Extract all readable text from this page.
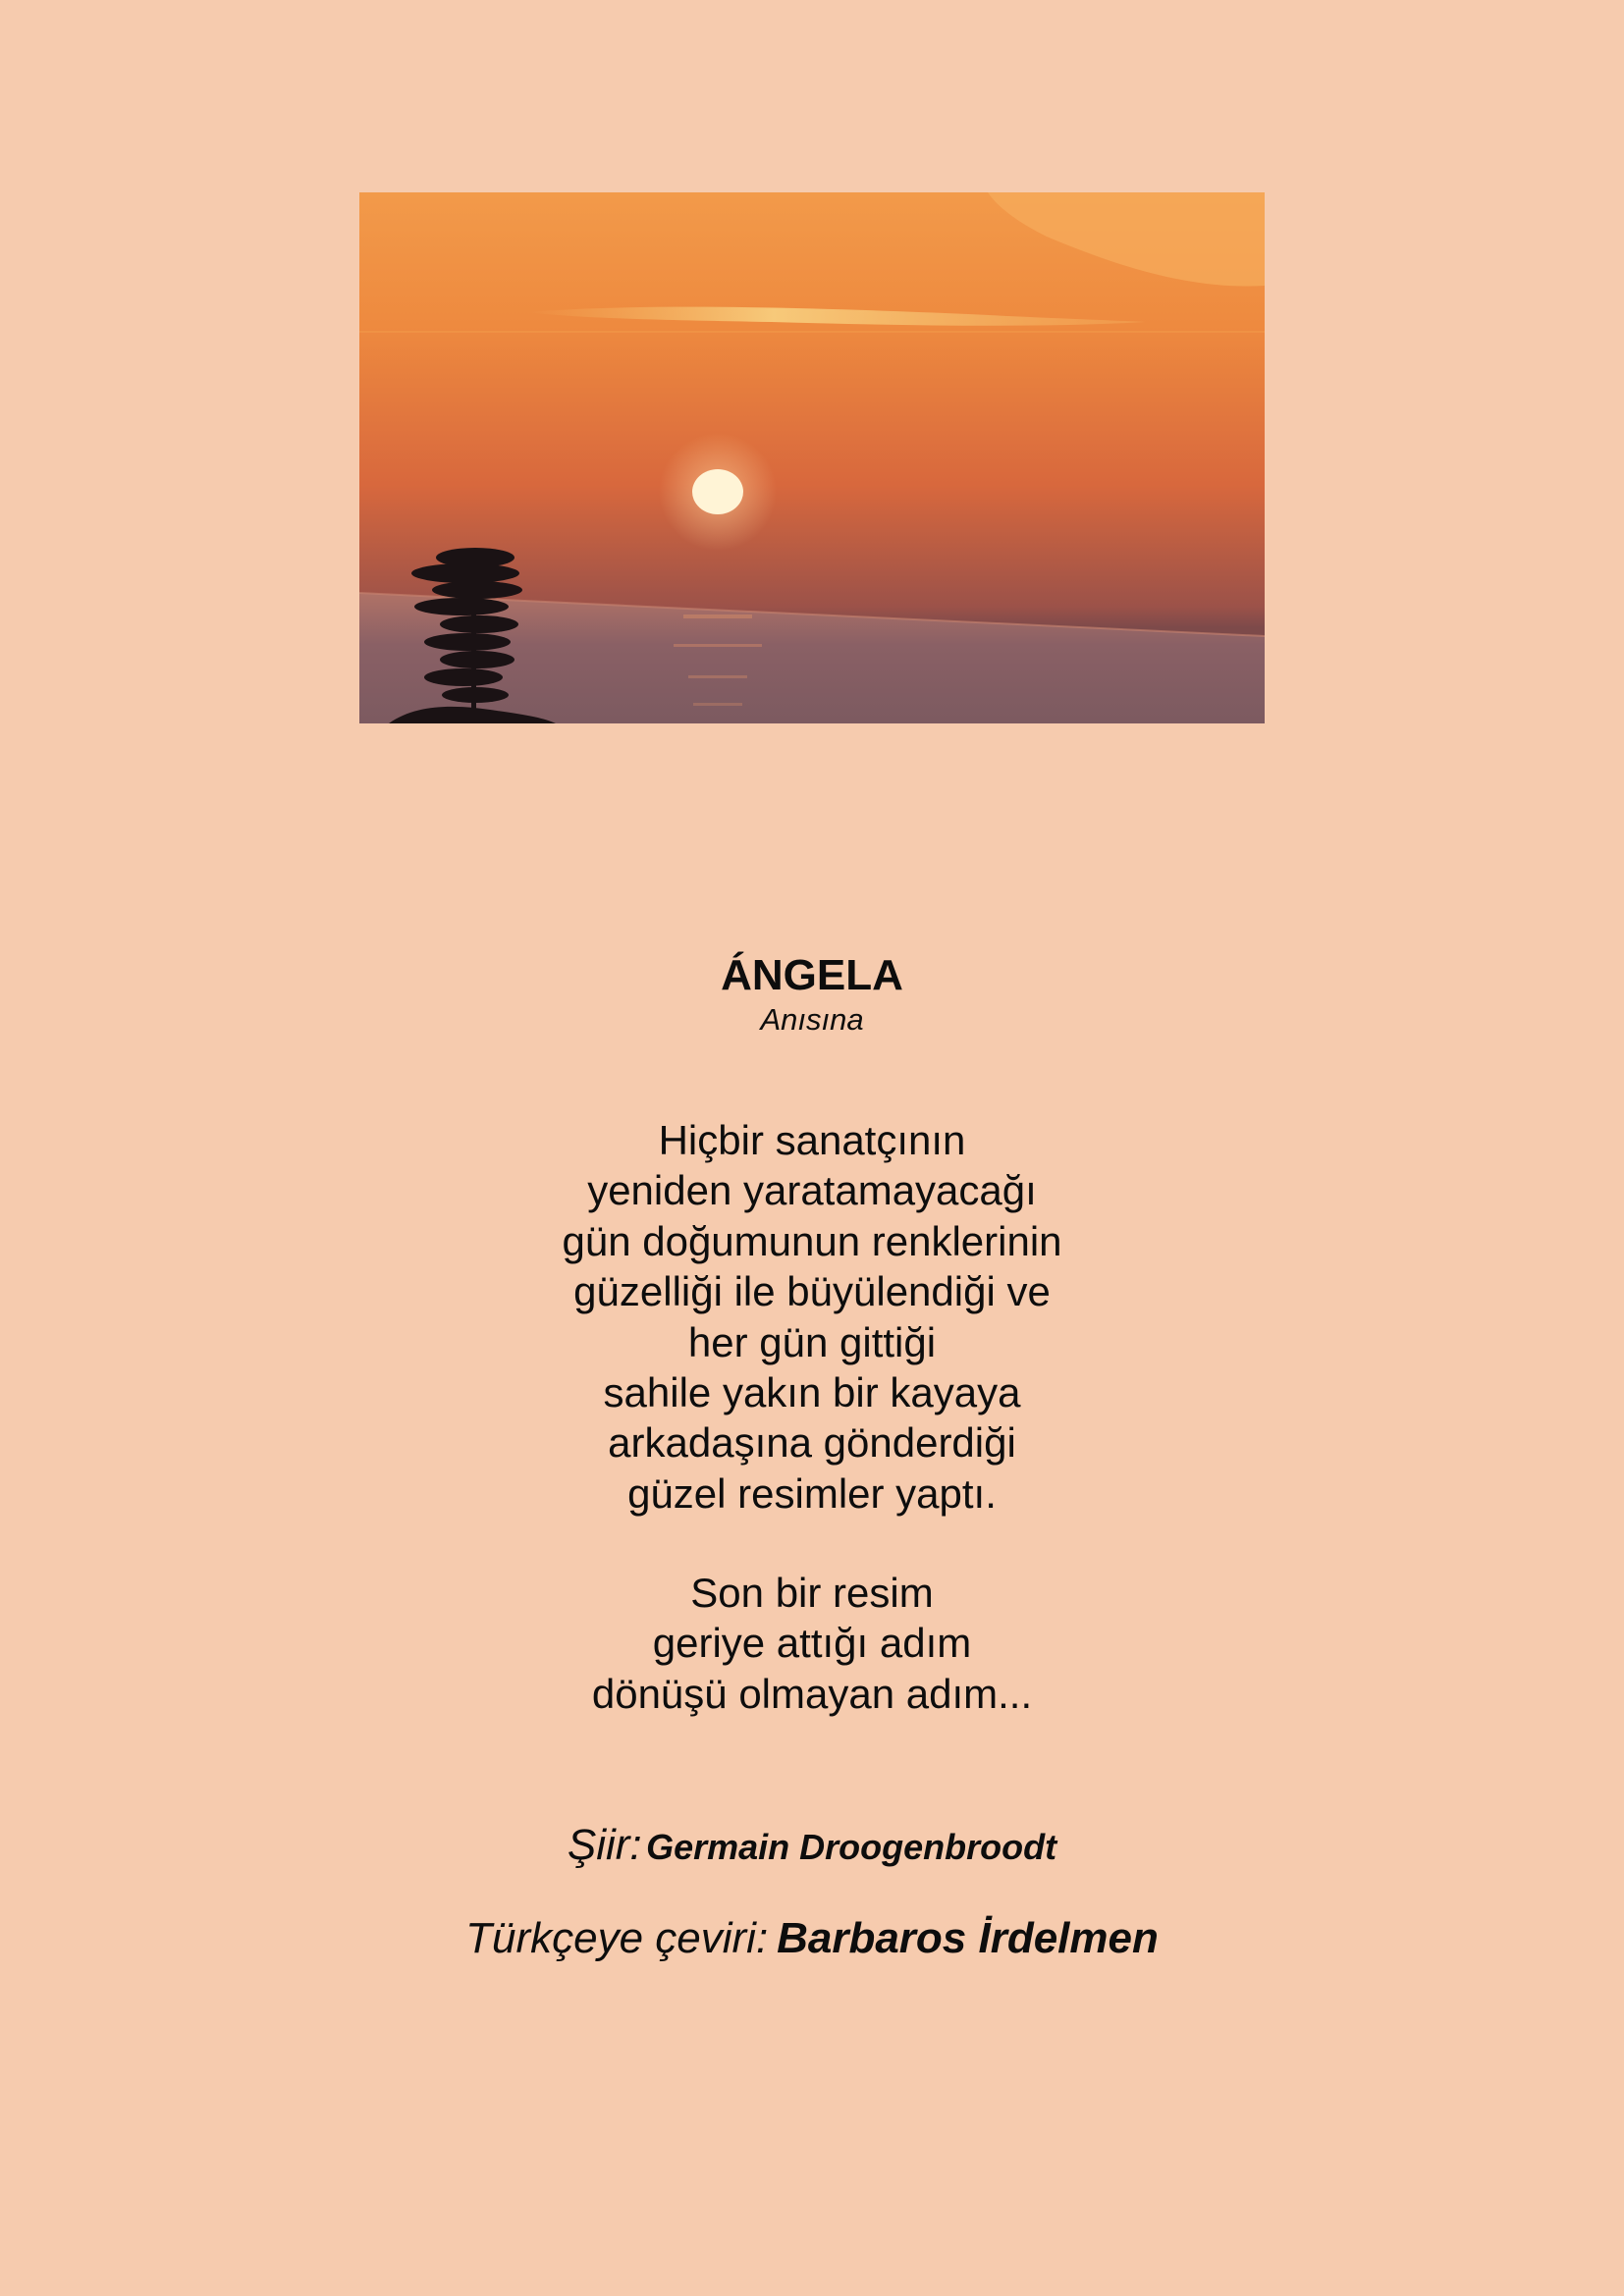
ÁNGELA
Anısına
Hiçbir sanatçının
yeniden yaratamayacağı
gün doğumunun renklerinin
güzelliği ile büyülendiği ve
her gün gittiği
sahile yakın bir kayaya
arkadaşına gönderdiği
güzel resimler yaptı.
Son bir resim
geriye attığı adım
dönüşü olmayan adım...
Şiir: Germain Droogenbroodt
Türkçeye çeviri: Barbaros İrdelmen
